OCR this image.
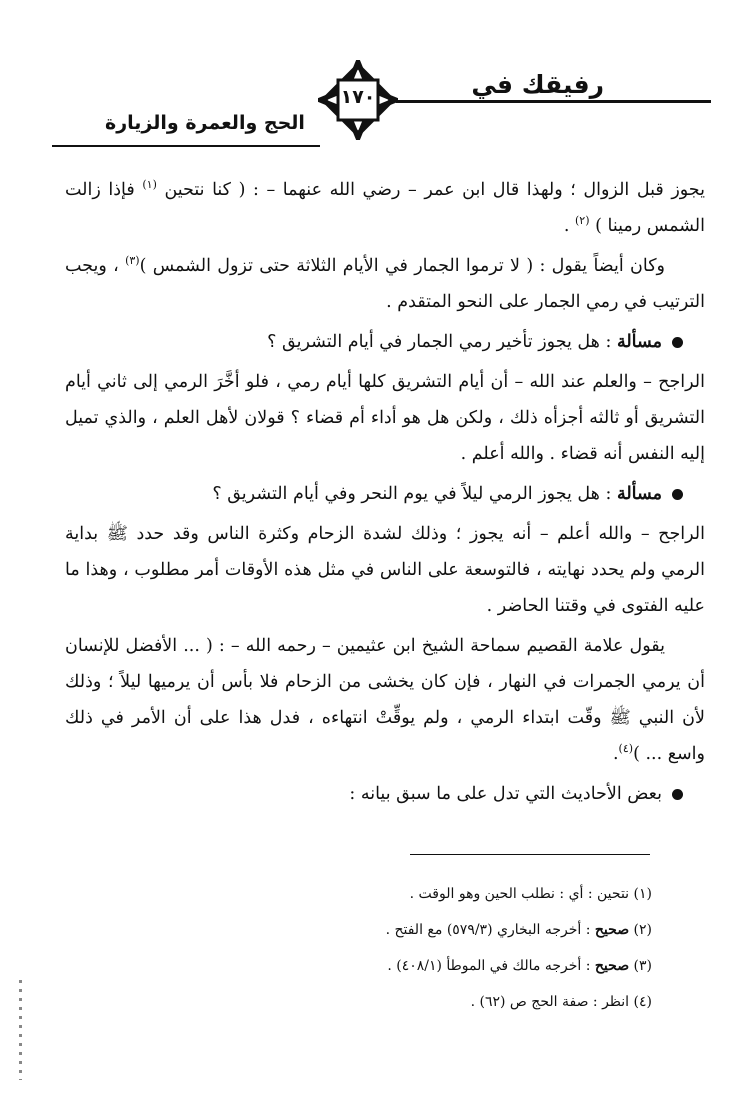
رفيقك في
١٧٠
الحج والعمرة والزيارة

يجوز قبل الزوال ؛ ولهذا قال ابن عمر – رضي الله عنهما – : ( كنا نتحين $^{(١)}$ فإذا زالت الشمس رمينا ) $^{(٢)}$ .

وكان أيضاً يقول : ( لا ترموا الجمار في الأيام الثلاثة حتى تزول الشمس )$^{(٣)}$ ، ويجب الترتيب في رمي الجمار على النحو المتقدم .

مسألة : هل يجوز تأخير رمي الجمار في أيام التشريق ؟

الراجح – والعلم عند الله – أن أيام التشريق كلها أيام رمي ، فلو أخَّرَ الرمي إلى ثاني أيام التشريق أو ثالثه أجزأه ذلك ، ولكن هل هو أداء أم قضاء ؟ قولان لأهل العلم ، والذي تميل إليه النفس أنه قضاء . والله أعلم .

مسألة : هل يجوز الرمي ليلاً في يوم النحر وفي أيام التشريق ؟

الراجح – والله أعلم – أنه يجوز ؛ وذلك لشدة الزحام وكثرة الناس وقد حدد ﷺ بداية الرمي ولم يحدد نهايته ، فالتوسعة على الناس في مثل هذه الأوقات أمر مطلوب ، وهذا ما عليه الفتوى في وقتنا الحاضر .

يقول علامة القصيم سماحة الشيخ ابن عثيمين – رحمه الله – : ( ... الأفضل للإنسان أن يرمي الجمرات في النهار ، فإن كان يخشى من الزحام فلا بأس أن يرميها ليلاً ؛ وذلك لأن النبي ﷺ وقّت ابتداء الرمي ، ولم يوقِّتْ انتهاءه ، فدل هذا على أن الأمر في ذلك واسع ... )$^{(٤)}$.

بعض الأحاديث التي تدل على ما سبق بيانه :

(١) نتحين : أي : نطلب الحين وهو الوقت .
(٢) صحيح : أخرجه البخاري (٥٧٩/٣) مع الفتح .
(٣) صحيح : أخرجه مالك في الموطأ (٤٠٨/١) .
(٤) انظر : صفة الحج ص (٦٢) .
